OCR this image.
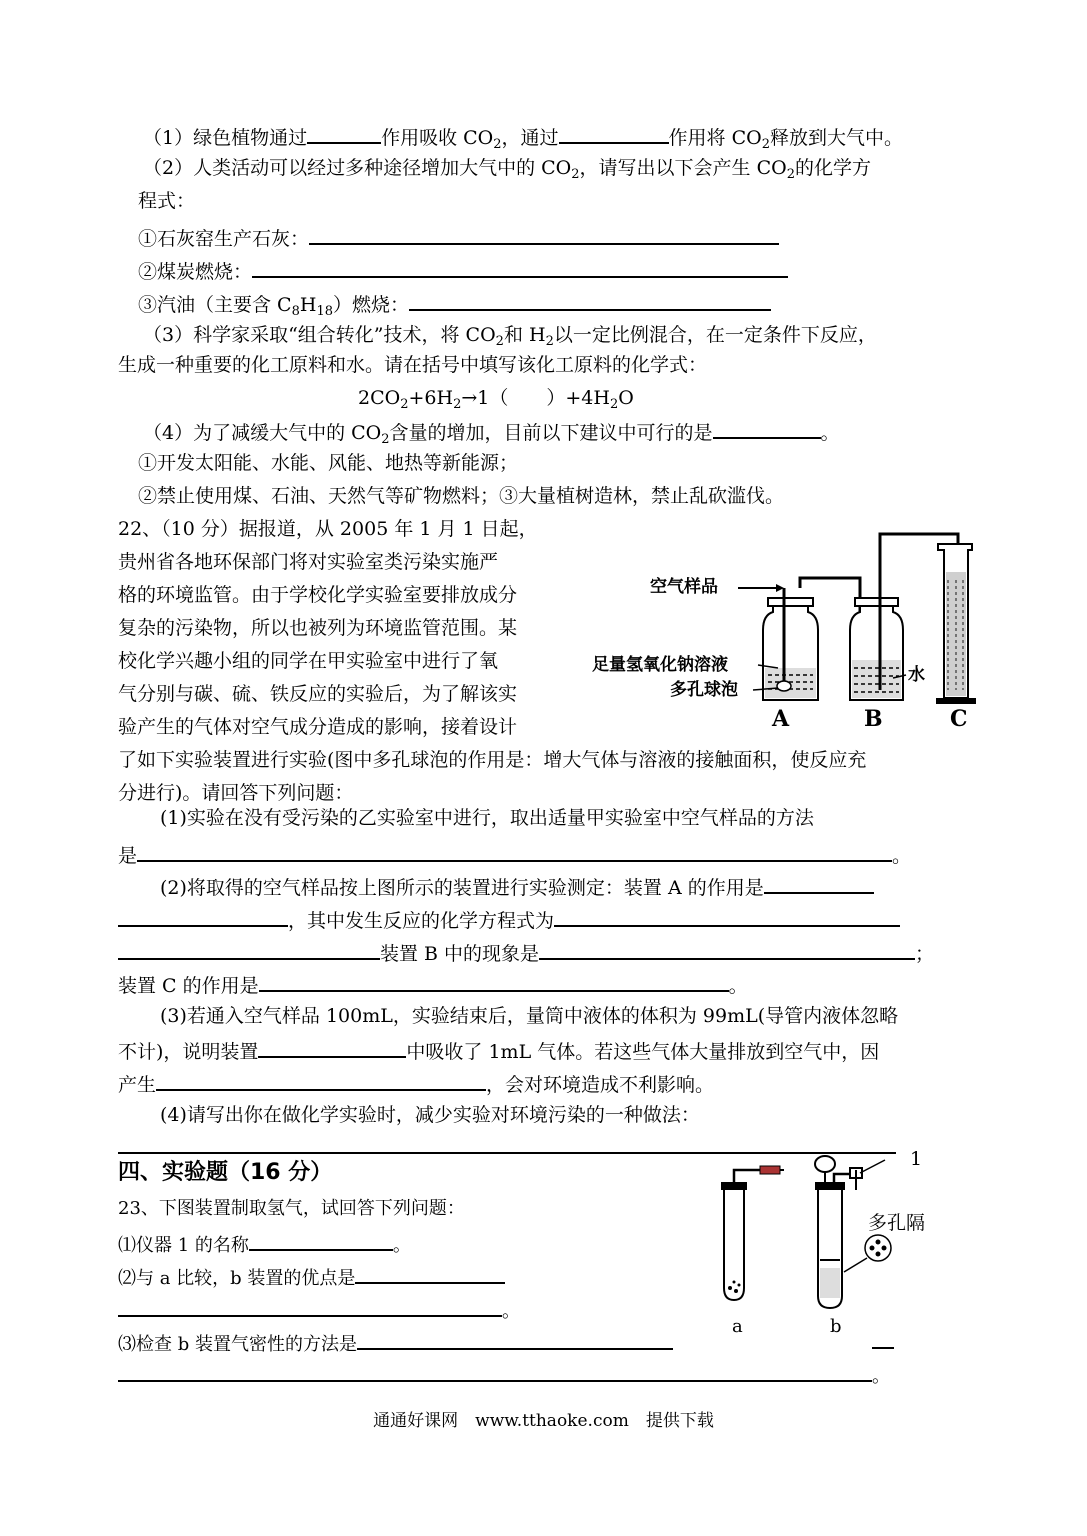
（1）绿色植物通过	作用吸收 $CO_2$，通过	作用将 $CO_2$释放到大气中。
（2）人类活动可以经过多种途径增加大气中的 $CO_2$，请写出以下会产生 $CO_2$的化学方
程式：
①石灰窑生产石灰：
②煤炭燃烧：
③汽油（主要含 $C_8H_{18}$）燃烧：
（3）科学家采取“组合转化”技术，将 $CO_2$和 $H_2$以一定比例混合，在一定条件下反应，
生成一种重要的化工原料和水。请在括号中填写该化工原料的化学式：
$2CO_2+6H_2\to 1$（　　）$+4H_2O$
（4）为了减缓大气中的 $CO_2$含量的增加，目前以下建议中可行的是	。
①开发太阳能、水能、风能、地热等新能源；
②禁止使用煤、石油、天然气等矿物燃料；③大量植树造林，禁止乱砍滥伐。
22、（10 分）据报道，从 2005 年 1 月 1 日起，
贵州省各地环保部门将对实验室类污染实施严
格的环境监管。由于学校化学实验室要排放成分
复杂的污染物，所以也被列为环境监管范围。某
校化学兴趣小组的同学在甲实验室中进行了氧
气分别与碳、硫、铁反应的实验后，为了解该实
验产生的气体对空气成分造成的影响，接着设计
了如下实验装置进行实验(图中多孔球泡的作用是：增大气体与溶液的接触面积，使反应充
分进行)。请回答下列问题：
空气样品
足量氢氧化钠溶液
多孔球泡
水
A	B	C
(1)实验在没有受污染的乙实验室中进行，取出适量甲实验室中空气样品的方法
是	。
(2)将取得的空气样品按上图所示的装置进行实验测定：装置 A 的作用是
，其中发生反应的化学方程式为
装置 B 中的现象是	；
装置 C 的作用是	。
(3)若通入空气样品 100mL，实验结束后，量筒中液体的体积为 99mL(导管内液体忽略
不计)，说明装置	中吸收了 1mL 气体。若这些气体大量排放到空气中，因
产生	，会对环境造成不利影响。
(4)请写出你在做化学实验时，减少实验对环境污染的一种做法：
四、实验题（16 分）
23、下图装置制取氢气，试回答下列问题：
⑴仪器 1 的名称	。
⑵与 a 比较，b 装置的优点是
。
⑶检查 b 装置气密性的方法是
。
1
多孔隔
a	b
通通好课网　www.tthaoke.com　提供下载
